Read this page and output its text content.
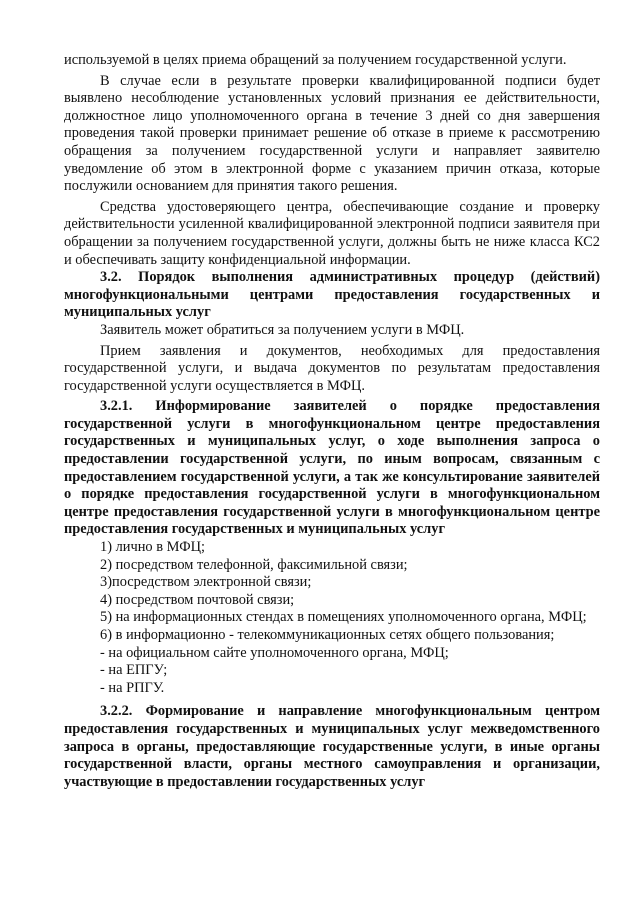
используемой в целях приема обращений за получением государственной услуги.

В случае если в результате проверки квалифицированной подписи будет выявлено несоблюдение установленных условий признания ее действительности, должностное лицо уполномоченного органа в течение 3 дней со дня завершения проведения такой проверки принимает решение об отказе в приеме к рассмотрению обращения за получением государственной услуги и направляет заявителю уведомление об этом в электронной форме с указанием причин отказа, которые послужили основанием для принятия такого решения.

Средства удостоверяющего центра, обеспечивающие создание и проверку действительности усиленной квалифицированной электронной подписи заявителя при обращении за получением государственной услуги, должны быть не ниже класса КС2 и обеспечивать защиту конфиденциальной информации.

3.2. Порядок выполнения административных процедур (действий) многофункциональными центрами предоставления государственных и муниципальных услуг

Заявитель может обратиться за получением услуги в МФЦ.

Прием заявления и документов, необходимых для предоставления государственной услуги, и выдача документов по результатам предоставления государственной услуги осуществляется в МФЦ.

3.2.1. Информирование заявителей о порядке предоставления государственной услуги в многофункциональном центре предоставления государственных и муниципальных услуг, о ходе выполнения запроса о предоставлении государственной услуги, по иным вопросам, связанным с предоставлением государственной услуги, а так же консультирование заявителей о порядке предоставления государственной услуги в многофункциональном центре предоставления государственной услуги в многофункциональном центре предоставления государственных и муниципальных услуг

1) лично в МФЦ;

2) посредством телефонной, факсимильной связи;

3)посредством электронной связи;

4) посредством почтовой связи;

5) на информационных стендах в помещениях уполномоченного органа, МФЦ;

6) в информационно - телекоммуникационных сетях общего пользования;

- на официальном сайте уполномоченного органа, МФЦ;

- на ЕПГУ;

- на РПГУ.

3.2.2. Формирование и направление многофункциональным центром предоставления государственных и муниципальных услуг межведомственного запроса в органы, предоставляющие государственные услуги, в иные органы государственной власти, органы местного самоуправления и организации, участвующие в предоставлении государственных услуг
